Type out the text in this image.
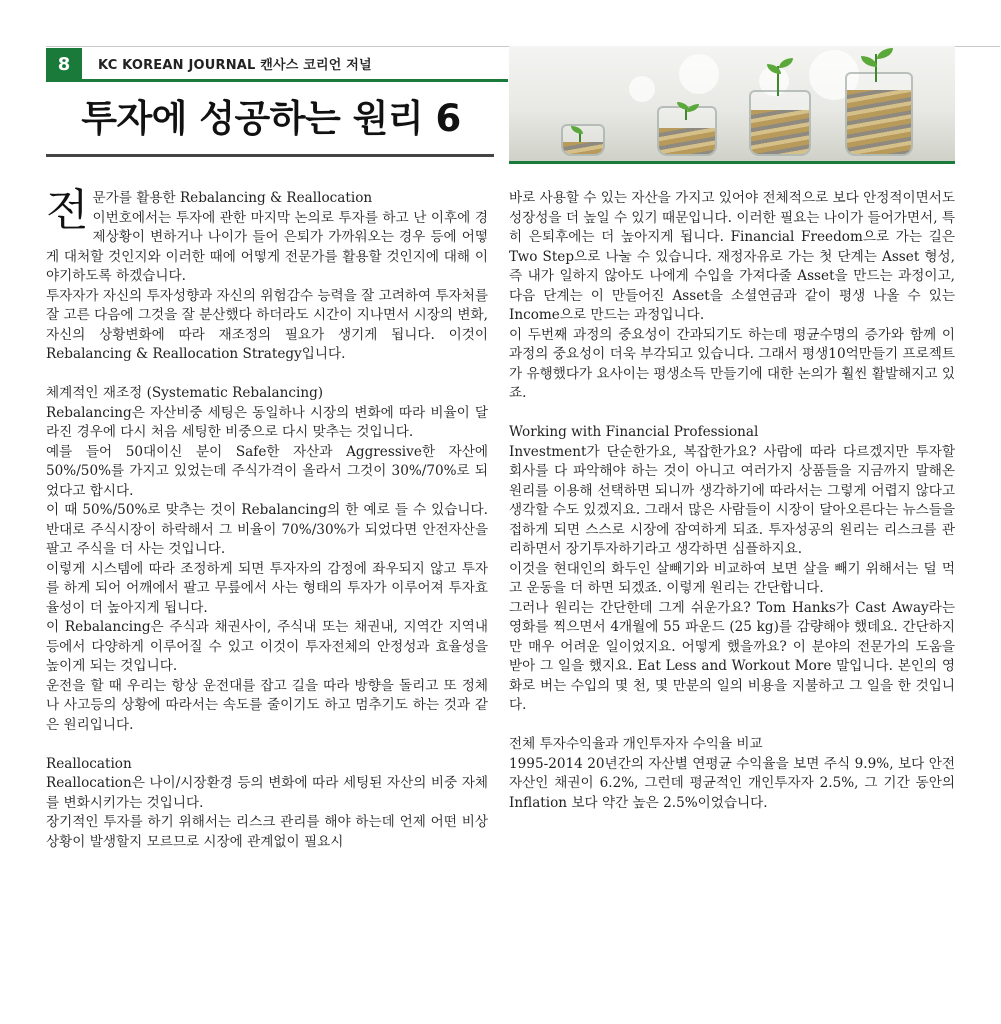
8	KC KOREAN JOURNAL 캔사스 코리언 저널
투자에 성공하는 원리 6
전 문가를 활용한 Rebalancing & Reallocation

이번호에서는 투자에 관한 마지막 논의로 투자를 하고 난 이후에 경제상황이 변하거나 나이가 들어 은퇴가 가까워오는 경우 등에 어떻게 대처할 것인지와 이러한 때에 어떻게 전문가를 활용할 것인지에 대해 이야기하도록 하겠습니다.

투자자가 자신의 투자성향과 자신의 위험감수 능력을 잘 고려하여 투자처를 잘 고른 다음에 그것을 잘 분산했다 하더라도 시간이 지나면서 시장의 변화, 자신의 상황변화에 따라 재조정의 필요가 생기게 됩니다. 이것이 Rebalancing & Reallocation Strategy입니다.

체계적인 재조정 (Systematic Rebalancing)

Rebalancing은 자산비중 세팅은 동일하나 시장의 변화에 따라 비율이 달라진 경우에 다시 처음 세팅한 비중으로 다시 맞추는 것입니다.

예를 들어 50대이신 분이 Safe한 자산과 Aggressive한 자산에 50%/50%를 가지고 있었는데 주식가격이 올라서 그것이 30%/70%로 되었다고 합시다.

이 때 50%/50%로 맞추는 것이 Rebalancing의 한 예로 들 수 있습니다. 반대로 주식시장이 하락해서 그 비율이 70%/30%가 되었다면 안전자산을 팔고 주식을 더 사는 것입니다.

이렇게 시스템에 따라 조정하게 되면 투자자의 감정에 좌우되지 않고 투자를 하게 되어 어깨에서 팔고 무릎에서 사는 형태의 투자가 이루어져 투자효율성이 더 높아지게 됩니다.

이 Rebalancing은 주식과 채권사이, 주식내 또는 채권내, 지역간 지역내 등에서 다양하게 이루어질 수 있고 이것이 투자전체의 안정성과 효율성을 높이게 되는 것입니다.

운전을 할 때 우리는 항상 운전대를 잡고 길을 따라 방향을 돌리고 또 정체나 사고등의 상황에 따라서는 속도를 줄이기도 하고 멈추기도 하는 것과 같은 원리입니다.

Reallocation

Reallocation은 나이/시장환경 등의 변화에 따라 세팅된 자산의 비중 자체를 변화시키가는 것입니다.

장기적인 투자를 하기 위해서는 리스크 관리를 해야 하는데 언제 어떤 비상상황이 발생할지 모르므로 시장에 관계없이 필요시

바로 사용할 수 있는 자산을 가지고 있어야 전체적으로 보다 안정적이면서도 성장성을 더 높일 수 있기 때문입니다. 이러한 필요는 나이가 들어가면서, 특히 은퇴후에는 더 높아지게 됩니다. Financial Freedom으로 가는 길은 Two Step으로 나눌 수 있습니다. 재정자유로 가는 첫 단계는 Asset 형성, 즉 내가 일하지 않아도 나에게 수입을 가져다줄 Asset을 만드는 과정이고, 다음 단계는 이 만들어진 Asset을 소셜연금과 같이 평생 나올 수 있는 Income으로 만드는 과정입니다.

이 두번째 과정의 중요성이 간과되기도 하는데 평균수명의 증가와 함께 이 과정의 중요성이 더욱 부각되고 있습니다. 그래서 평생10억만들기 프로젝트가 유행했다가 요사이는 평생소득 만들기에 대한 논의가 훨씬 활발해지고 있죠.

Working with Financial Professional

Investment가 단순한가요, 복잡한가요? 사람에 따라 다르겠지만 투자할 회사를 다 파악해야 하는 것이 아니고 여러가지 상품들을 지금까지 말해온 원리를 이용해 선택하면 되니까 생각하기에 따라서는 그렇게 어렵지 않다고 생각할 수도 있겠지요. 그래서 많은 사람들이 시장이 달아오른다는 뉴스들을 접하게 되면 스스로 시장에 잠여하게 되죠. 투자성공의 원리는 리스크를 관리하면서 장기투자하기라고 생각하면 심플하지요.

이것을 현대인의 화두인 살빼기와 비교하여 보면 살을 빼기 위해서는 덜 먹고 운동을 더 하면 되겠죠. 이렇게 원리는 간단합니다.

그러나 원리는 간단한데 그게 쉬운가요? Tom Hanks가 Cast Away라는 영화를 찍으면서 4개월에 55 파운드 (25 kg)를 감량해야 했데요. 간단하지만 매우 어려운 일이었지요. 어떻게 했을까요? 이 분야의 전문가의 도움을 받아 그 일을 했지요. Eat Less and Workout More 말입니다. 본인의 영화로 버는 수입의 몇 천, 몇 만분의 일의 비용을 지불하고 그 일을 한 것입니다.

전체 투자수익율과 개인투자자 수익율 비교

1995-2014 20년간의 자산별 연평균 수익율을 보면 주식 9.9%, 보다 안전자산인 채권이 6.2%, 그런데 평균적인 개인투자자 2.5%, 그 기간 동안의 Inflation 보다 약간 높은 2.5%이었습니다.
